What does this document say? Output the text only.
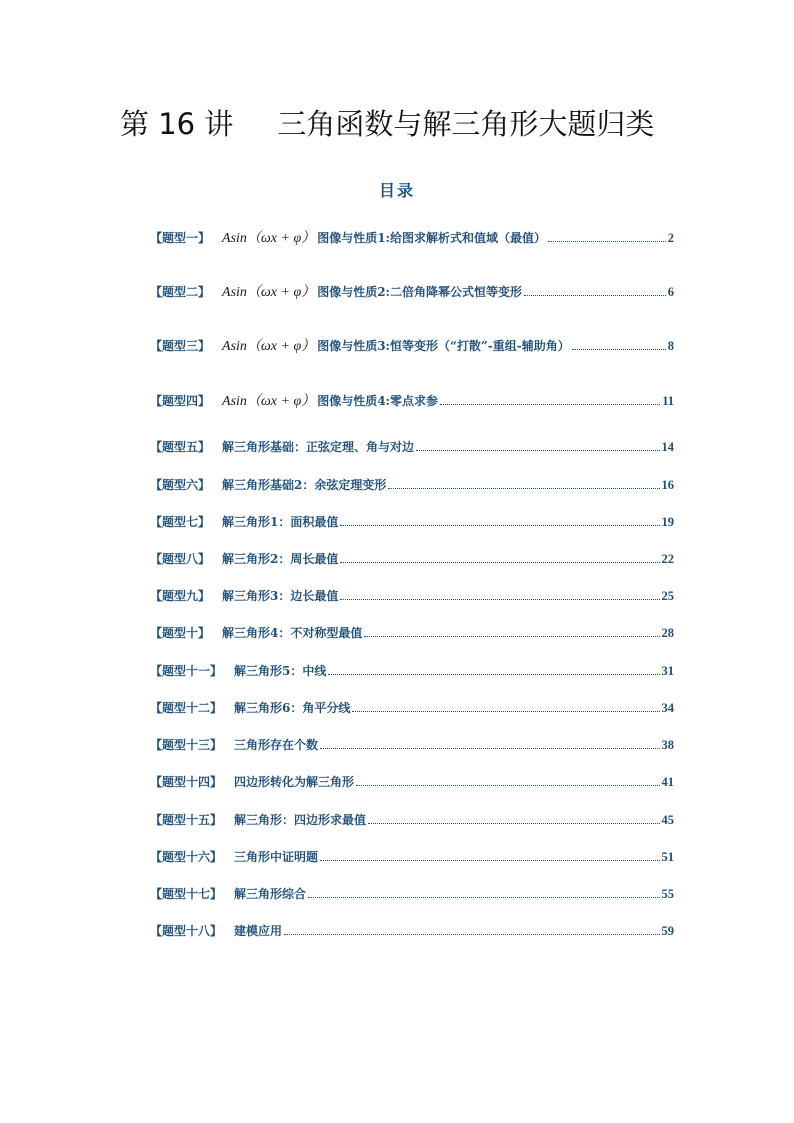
第 16 讲 三角函数与解三角形大题归类
目录
【题型一】 Asin（ωx + φ） 图像与性质1:给图求解析式和值域（最值）	2
【题型二】 Asin（ωx + φ） 图像与性质2:二倍角降幂公式恒等变形	6
【题型三】 Asin（ωx + φ） 图像与性质3:恒等变形（“打散”-重组-辅助角）	8
【题型四】 Asin（ωx + φ） 图像与性质4:零点求参	11
【题型五】 解三角形基础：正弦定理、角与对边	14
【题型六】 解三角形基础2：余弦定理变形	16
【题型七】 解三角形1：面积最值	19
【题型八】 解三角形2：周长最值	22
【题型九】 解三角形3：边长最值	25
【题型十】 解三角形4：不对称型最值	28
【题型十一】 解三角形5：中线	31
【题型十二】 解三角形6：角平分线	34
【题型十三】 三角形存在个数	38
【题型十四】 四边形转化为解三角形	41
【题型十五】 解三角形：四边形求最值	45
【题型十六】 三角形中证明题	51
【题型十七】 解三角形综合	55
【题型十八】 建模应用	59
